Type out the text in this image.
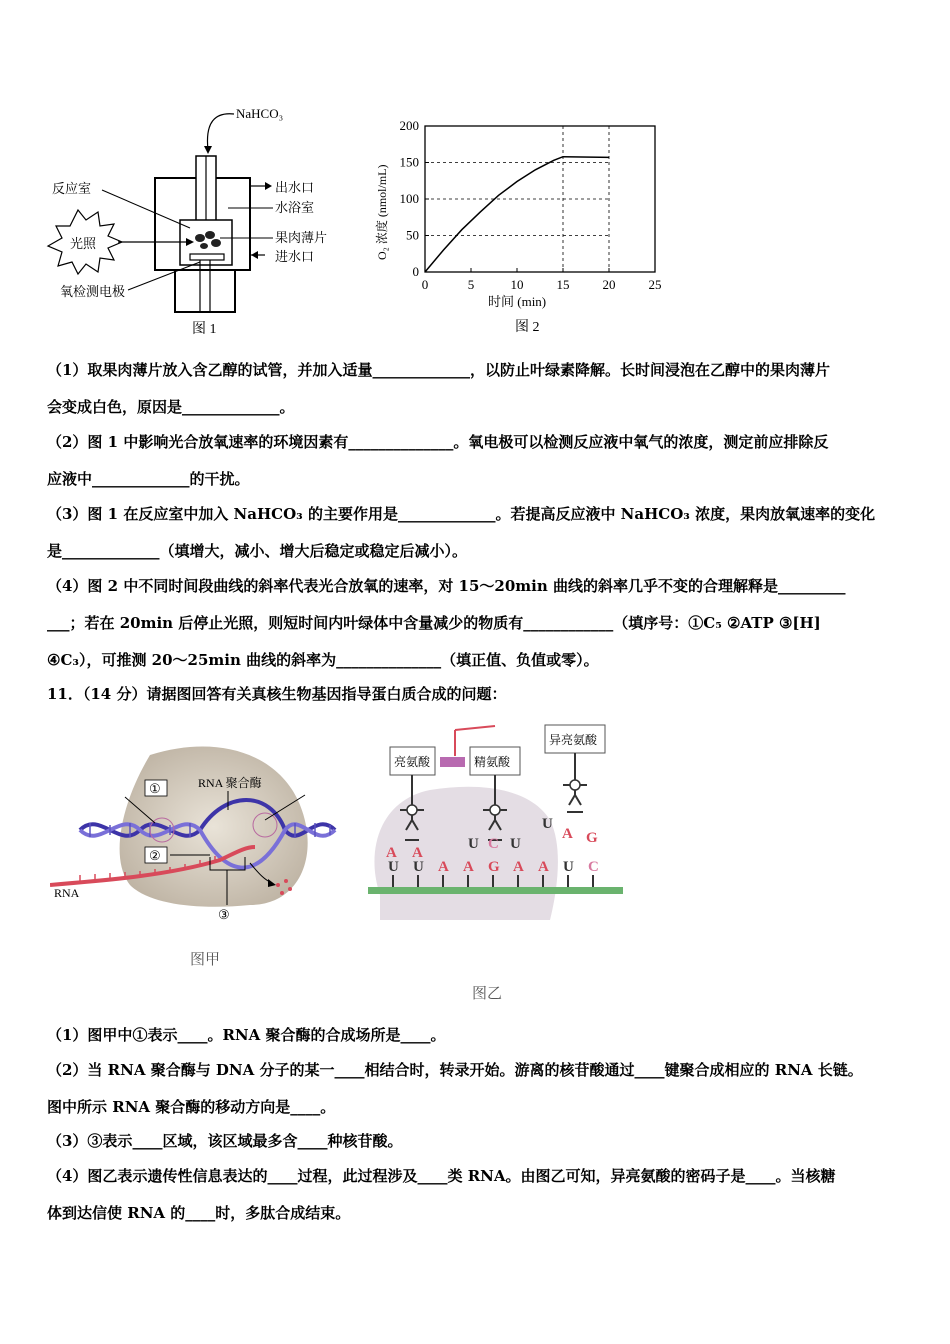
NaHCO₃
出水口
水浴室
果肉薄片
进水口
反应室
光照
氧检测电极
图 1
O₂ 浓度 (nmol/mL)
时间 (min)
图 2
0
50
100
150
200
0	5	10	15	20	25
（1）取果肉薄片放入含乙醇的试管，并加入适量_____________，以防止叶绿素降解。长时间浸泡在乙醇中的果肉薄片
会变成白色，原因是_____________。
（2）图 1 中影响光合放氧速率的环境因素有______________。氧电极可以检测反应液中氧气的浓度，测定前应排除反
应液中_____________的干扰。
（3）图 1 在反应室中加入 NaHCO₃ 的主要作用是_____________。若提高反应液中 NaHCO₃ 浓度，果肉放氧速率的变化
是_____________（填增大，减小、增大后稳定或稳定后减小）。
（4）图 2 中不同时间段曲线的斜率代表光合放氧的速率，对 15～20min 曲线的斜率几乎不变的合理解释是_________
___；若在 20min 后停止光照，则短时间内叶绿体中含量减少的物质有____________（填序号：①C₅ ②ATP ③[H]
④C₃），可推测 20～25min 曲线的斜率为______________（填正值、负值或零）。
11．（14 分）请据图回答有关真核生物基因指导蛋白质合成的问题：
①	RNA 聚合酶
②
③
RNA
图甲
亮氨酸	精氨酸
异亮氨酸
A A
U C U
U
A G
U U A A G A A U C
图乙
（1）图甲中①表示____。RNA 聚合酶的合成场所是____。
（2）当 RNA 聚合酶与 DNA 分子的某一____相结合时，转录开始。游离的核苷酸通过____键聚合成相应的 RNA 长链。
图中所示 RNA 聚合酶的移动方向是____。
（3）③表示____区域，该区域最多含____种核苷酸。
（4）图乙表示遗传性信息表达的____过程，此过程涉及____类 RNA。由图乙可知，异亮氨酸的密码子是____。当核糖
体到达信使 RNA 的____时，多肽合成结束。
